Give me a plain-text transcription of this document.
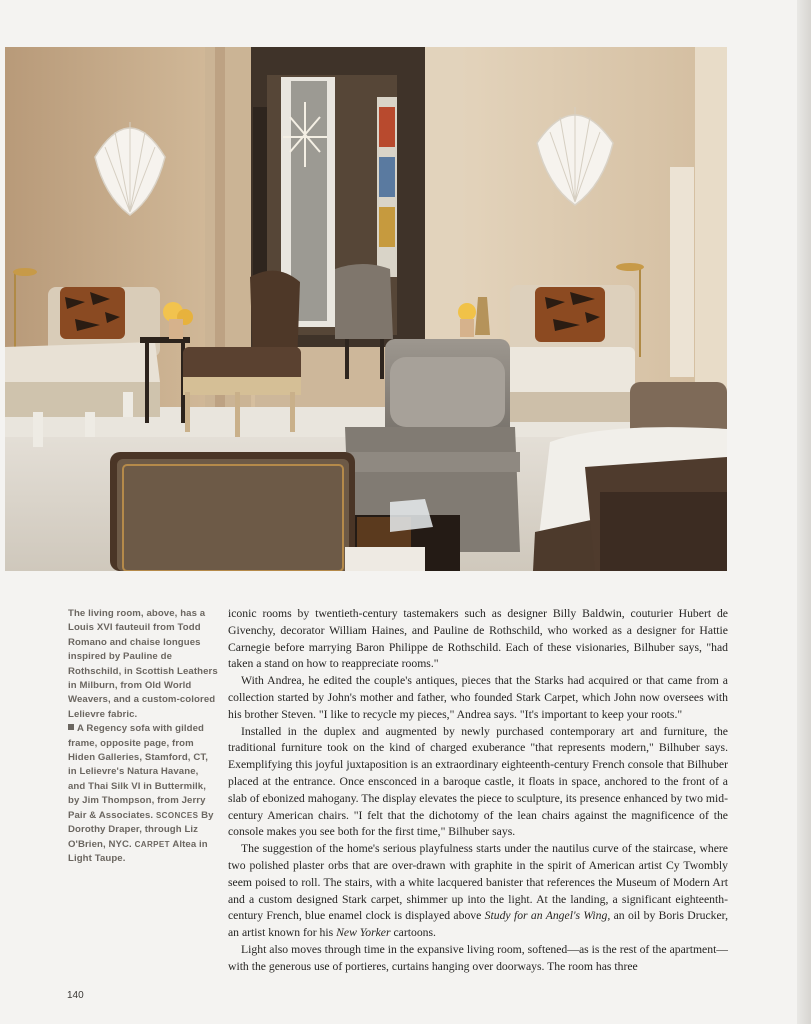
The living room, above, has a Louis XVI fauteuil from Todd Romano and chaise longues inspired by Pauline de Rothschild, in Scottish Leathers in Milburn, from Old World Weavers, and a custom-colored Lelievre fabric.
A Regency sofa with gilded frame, opposite page, from Hiden Galleries, Stamford, CT, in Lelievre's Natura Havane, and Thai Silk VI in Buttermilk, by Jim Thompson, from Jerry Pair & Associates. SCONCES By Dorothy Draper, through Liz O'Brien, NYC. CARPET Altea in Light Taupe.

iconic rooms by twentieth-century tastemakers such as designer Billy Baldwin, couturier Hubert de Givenchy, decorator William Haines, and Pauline de Rothschild, who worked as a designer for Hattie Carnegie before marrying Baron Philippe de Rothschild. Each of these visionaries, Bilhuber says, "had taken a stand on how to reappreciate rooms."

With Andrea, he edited the couple's antiques, pieces that the Starks had acquired or that came from a collection started by John's mother and father, who founded Stark Carpet, which John now oversees with his brother Steven. "I like to recycle my pieces," Andrea says. "It's important to keep your roots."

Installed in the duplex and augmented by newly purchased contemporary art and furniture, the traditional furniture took on the kind of charged exuberance "that represents modern," Bilhuber says. Exemplifying this joyful juxtaposition is an extraordinary eighteenth-century French console that Bilhuber placed at the entrance. Once ensconced in a baroque castle, it floats in space, anchored to the front of a slab of ebonized mahogany. The display elevates the piece to sculpture, its presence enhanced by two mid-century American chairs. "I felt that the dichotomy of the lean chairs against the magnificence of the console makes you see both for the first time," Bilhuber says.

The suggestion of the home's serious playfulness starts under the nautilus curve of the staircase, where two polished plaster orbs that are over-drawn with graphite in the spirit of American artist Cy Twombly seem poised to roll. The stairs, with a white lacquered banister that references the Museum of Modern Art and a custom designed Stark carpet, shimmer up into the light. At the landing, a significant eighteenth-century French, blue enamel clock is displayed above Study for an Angel's Wing, an oil by Boris Drucker, an artist known for his New Yorker cartoons.

Light also moves through time in the expansive living room, softened—as is the rest of the apartment—with the generous use of portieres, curtains hanging over doorways. The room has three

140
